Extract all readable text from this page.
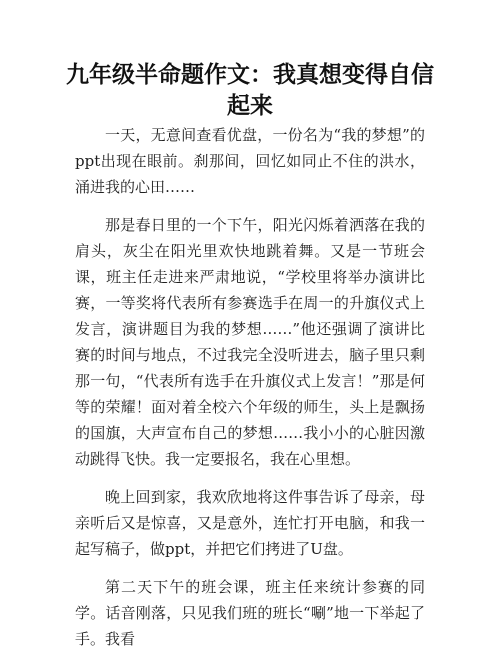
九年级半命题作文：我真想变得自信起来

一天，无意间查看优盘，一份名为“我的梦想”的ppt出现在眼前。刹那间，回忆如同止不住的洪水，涌进我的心田……

那是春日里的一个下午，阳光闪烁着洒落在我的肩头，灰尘在阳光里欢快地跳着舞。又是一节班会课，班主任走进来严肃地说，“学校里将举办演讲比赛，一等奖将代表所有参赛选手在周一的升旗仪式上发言，演讲题目为我的梦想……”他还强调了演讲比赛的时间与地点，不过我完全没听进去，脑子里只剩那一句，“代表所有选手在升旗仪式上发言！”那是何等的荣耀！面对着全校六个年级的师生，头上是飘扬的国旗，大声宣布自己的梦想……我小小的心脏因激动跳得飞快。我一定要报名，我在心里想。

晚上回到家，我欢欣地将这件事告诉了母亲，母亲听后又是惊喜，又是意外，连忙打开电脑，和我一起写稿子，做ppt，并把它们拷进了U盘。

第二天下午的班会课，班主任来统计参赛的同学。话音刚落，只见我们班的班长“唰”地一下举起了手。我看
